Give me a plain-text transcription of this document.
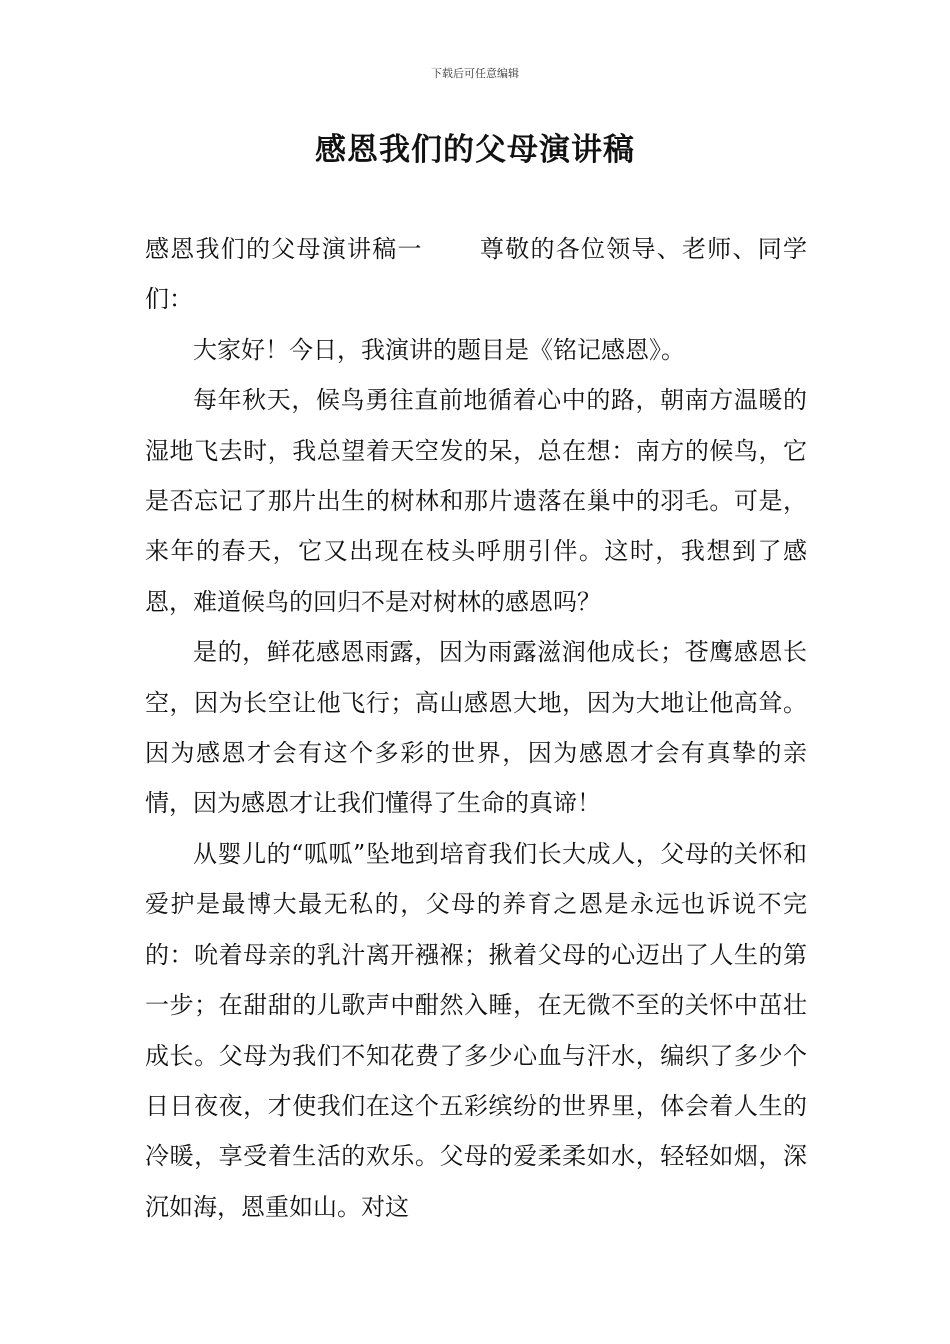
下载后可任意编辑
感恩我们的父母演讲稿

感恩我们的父母演讲稿一 尊敬的各位领导、老师、同学们：

大家好！今日，我演讲的题目是《铭记感恩》。

每年秋天，候鸟勇往直前地循着心中的路，朝南方温暖的湿地飞去时，我总望着天空发的呆，总在想：南方的候鸟，它是否忘记了那片出生的树林和那片遗落在巢中的羽毛。可是，来年的春天，它又出现在枝头呼朋引伴。这时，我想到了感恩，难道候鸟的回归不是对树林的感恩吗？

是的，鲜花感恩雨露，因为雨露滋润他成长；苍鹰感恩长空，因为长空让他飞行；高山感恩大地，因为大地让他高耸。因为感恩才会有这个多彩的世界，因为感恩才会有真挚的亲情，因为感恩才让我们懂得了生命的真谛！

从婴儿的“呱呱”坠地到培育我们长大成人，父母的关怀和爱护是最博大最无私的，父母的养育之恩是永远也诉说不完的：吮着母亲的乳汁离开襁褓；揪着父母的心迈出了人生的第一步；在甜甜的儿歌声中酣然入睡，在无微不至的关怀中茁壮成长。父母为我们不知花费了多少心血与汗水，编织了多少个日日夜夜，才使我们在这个五彩缤纷的世界里，体会着人生的冷暖，享受着生活的欢乐。父母的爱柔柔如水，轻轻如烟，深沉如海，恩重如山。对这
